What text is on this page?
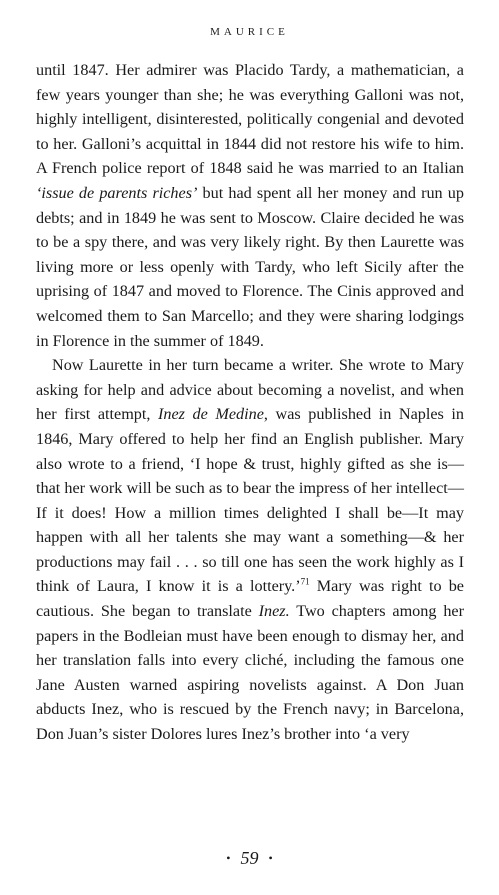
MAURICE

until 1847. Her admirer was Placido Tardy, a mathematician, a few years younger than she; he was everything Galloni was not, highly intelligent, disinterested, politically congenial and devoted to her. Galloni’s acquittal in 1844 did not restore his wife to him. A French police report of 1848 said he was married to an Italian ‘issue de parents riches’ but had spent all her money and run up debts; and in 1849 he was sent to Moscow. Claire decided he was to be a spy there, and was very likely right. By then Laurette was living more or less openly with Tardy, who left Sicily after the uprising of 1847 and moved to Florence. The Cinis approved and welcomed them to San Marcello; and they were sharing lodgings in Florence in the summer of 1849.

Now Laurette in her turn became a writer. She wrote to Mary asking for help and advice about becoming a novelist, and when her first attempt, Inez de Medine, was published in Naples in 1846, Mary offered to help her find an English publisher. Mary also wrote to a friend, ‘I hope & trust, highly gifted as she is—that her work will be such as to bear the impress of her intellect—If it does! How a million times delighted I shall be—It may happen with all her talents she may want a something—& her productions may fail . . . so till one has seen the work highly as I think of Laura, I know it is a lottery.’$^{71}$ Mary was right to be cautious. She began to translate Inez. Two chapters among her papers in the Bodleian must have been enough to dismay her, and her translation falls into every cliché, including the famous one Jane Austen warned aspiring novelists against. A Don Juan abducts Inez, who is rescued by the French navy; in Barcelona, Don Juan’s sister Dolores lures Inez’s brother into ‘a very

• 59 •
